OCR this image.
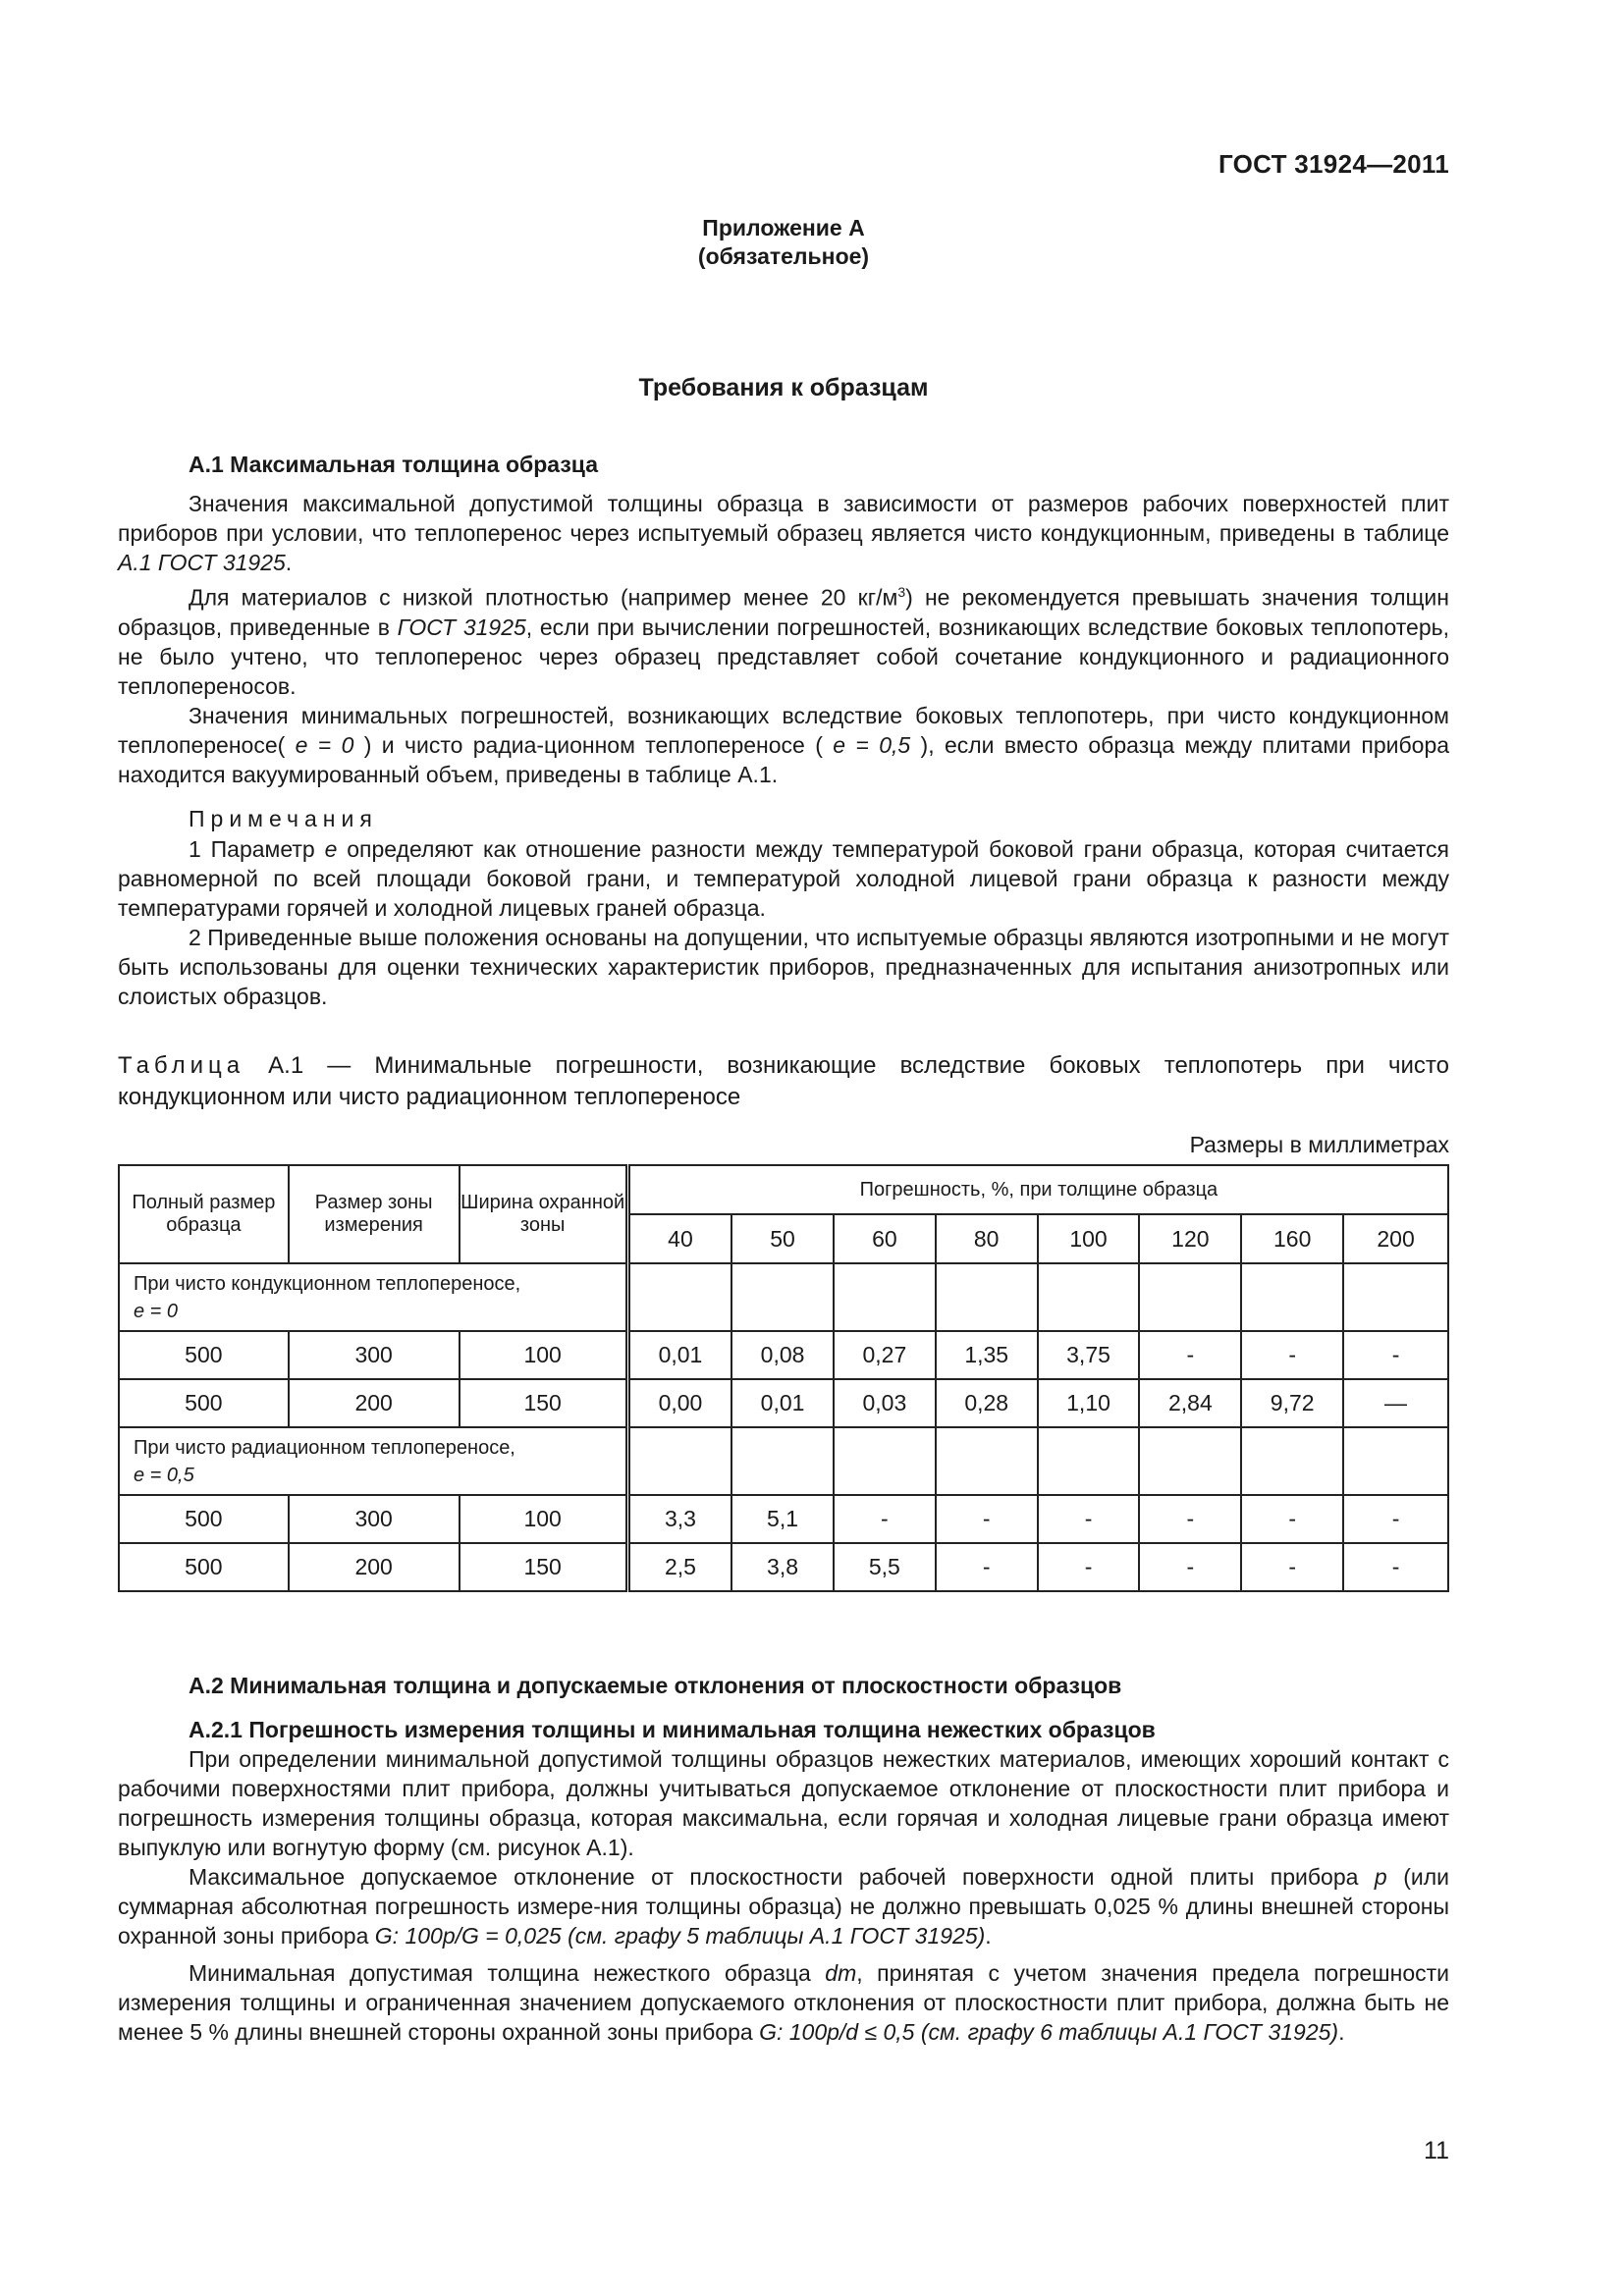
ГОСТ 31924—2011
Приложение А
(обязательное)
Требования к образцам
А.1 Максимальная толщина образца

Значения максимальной допустимой толщины образца в зависимости от размеров рабочих поверхностей плит приборов при условии, что теплоперенос через испытуемый образец является чисто кондукционным, приведены в таблице А.1 ГОСТ 31925.

Для материалов с низкой плотностью (например менее 20 $кг/м^3$) не рекомендуется превышать значения толщин образцов, приведенные в ГОСТ 31925, если при вычислении погрешностей, возникающих вследствие боковых теплопотерь, не было учтено, что теплоперенос через образец представляет собой сочетание кондукционного и радиационного теплопереносов.

Значения минимальных погрешностей, возникающих вследствие боковых теплопотерь, при чисто кондукционном теплопереносе( е = 0 ) и чисто радиа-ционном теплопереносе ( е = 0,5 ), если вместо образца между плитами прибора находится вакуумированный объем, приведены в таблице А.1.

Примечания

1 Параметр е определяют как отношение разности между температурой боковой грани образца, которая считается равномерной по всей площади боковой грани, и температурой холодной лицевой грани образца к разности между температурами горячей и холодной лицевых граней образца.

2 Приведенные выше положения основаны на допущении, что испытуемые образцы являются изотропными и не могут быть использованы для оценки технических характеристик приборов, предназначенных для испытания анизотропных или слоистых образцов.

Таблица А.1 — Минимальные погрешности, возникающие вследствие боковых теплопотерь при чисто кондукционном или чисто радиационном теплопереносе
Размеры в миллиметрах
Полный размер образца	Размер зоны измерения	Ширина охранной зоны	Погрешность, %, при толщине образца							
			40	50	60	80	100	120	160	200

При чисто кондукционном теплопереносе,
е = 0										

500	300	100	0,01	0,08	0,27	1,35	3,75	-	-	-
500	200	150	0,00	0,01	0,03	0,28	1,10	2,84	9,72	—

При чисто радиационном теплопереносе,
е = 0,5										

500	300	100	3,3	5,1	-	-	-	-	-	-
500	200	150	2,5	3,8	5,5	-	-	-	-	-
А.2 Минимальная толщина и допускаемые отклонения от плоскостности образцов
А.2.1 Погрешность измерения толщины и минимальная толщина нежестких образцов

При определении минимальной допустимой толщины образцов нежестких материалов, имеющих хороший контакт с рабочими поверхностями плит прибора, должны учитываться допускаемое отклонение от плоскостности плит прибора и погрешность измерения толщины образца, которая максимальна, если горячая и холодная лицевые грани образца имеют выпуклую или вогнутую форму (см. рисунок А.1).

Максимальное допускаемое отклонение от плоскостности рабочей поверхности одной плиты прибора p (или суммарная абсолютная погрешность измере-ния толщины образца) не должно превышать 0,025 % длины внешней стороны охранной зоны прибора G: 100p/G = 0,025 (см. графу 5 таблицы А.1 ГОСТ 31925).

Минимальная допустимая толщина нежесткого образца dm, принятая с учетом значения предела погрешности измерения толщины и ограниченная значением допускаемого отклонения от плоскостности плит прибора, должна быть не менее 5 % длины внешней стороны охранной зоны прибора G: 100p/d ≤ 0,5 (см. графу 6 таблицы А.1 ГОСТ 31925).

11
